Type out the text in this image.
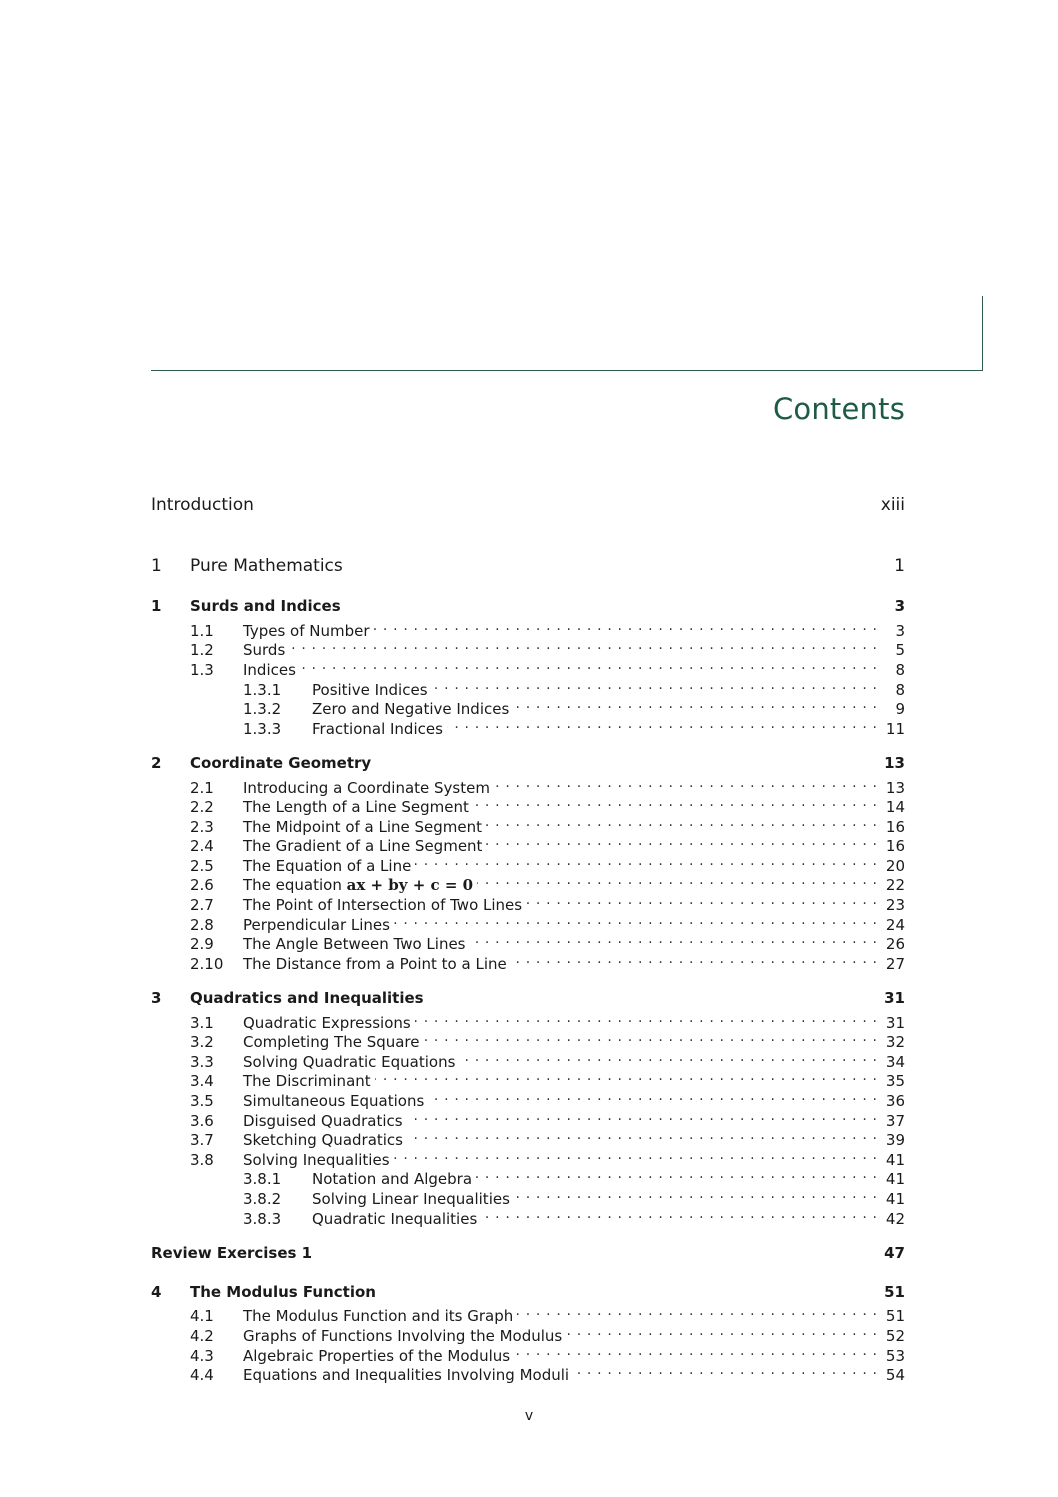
Contents
Introduction	xiii
1	Pure Mathematics	1
1	Surds and Indices	3
1.1	Types of Number . . .	3
1.2	Surds . . .	5
1.3	Indices . . .	8
1.3.1	Positive Indices . . .	8
1.3.2	Zero and Negative Indices . . .	9
1.3.3	Fractional Indices . . .	11
2	Coordinate Geometry	13
2.1	Introducing a Coordinate System . . .	13
2.2	The Length of a Line Segment . . .	14
2.3	The Midpoint of a Line Segment . . .	16
2.4	The Gradient of a Line Segment . . .	16
2.5	The Equation of a Line . . .	20
2.6	The equation ax + by + c = 0 . . .	22
2.7	The Point of Intersection of Two Lines . . .	23
2.8	Perpendicular Lines . . .	24
2.9	The Angle Between Two Lines . . .	26
2.10	The Distance from a Point to a Line . . .	27
3	Quadratics and Inequalities	31
3.1	Quadratic Expressions . . .	31
3.2	Completing The Square . . .	32
3.3	Solving Quadratic Equations . . .	34
3.4	The Discriminant . . .	35
3.5	Simultaneous Equations . . .	36
3.6	Disguised Quadratics . . .	37
3.7	Sketching Quadratics . . .	39
3.8	Solving Inequalities . . .	41
3.8.1	Notation and Algebra . . .	41
3.8.2	Solving Linear Inequalities . . .	41
3.8.3	Quadratic Inequalities . . .	42
Review Exercises 1	47
4	The Modulus Function	51
4.1	The Modulus Function and its Graph . . .	51
4.2	Graphs of Functions Involving the Modulus . . .	52
4.3	Algebraic Properties of the Modulus . . .	53
4.4	Equations and Inequalities Involving Moduli . . .	54
v
